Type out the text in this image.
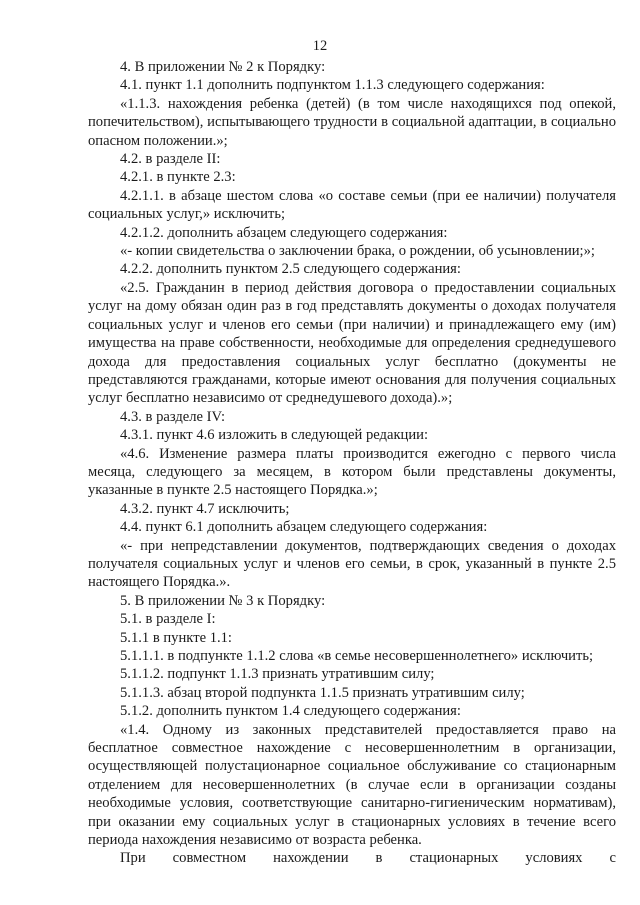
12

4. В приложении № 2 к Порядку:

4.1. пункт 1.1 дополнить подпунктом 1.1.3 следующего содержания:

«1.1.3. нахождения ребенка (детей) (в том числе находящихся под опекой, попечительством), испытывающего трудности в социальной адаптации, в социально опасном положении.»;

4.2. в разделе II:

4.2.1. в пункте 2.3:

4.2.1.1. в абзаце шестом слова «о составе семьи (при ее наличии) получателя социальных услуг,» исключить;

4.2.1.2. дополнить абзацем следующего содержания:

«- копии свидетельства о заключении брака, о рождении, об усыновлении;»;

4.2.2. дополнить пунктом 2.5 следующего содержания:

«2.5. Гражданин в период действия договора о предоставлении социальных услуг на дому обязан один раз в год представлять документы о доходах получателя социальных услуг и членов его семьи (при наличии) и принадлежащего ему (им) имущества на праве собственности, необходимые для определения среднедушевого дохода для предоставления социальных услуг бесплатно (документы не представляются гражданами, которые имеют основания для получения социальных услуг бесплатно независимо от среднедушевого дохода).»;

4.3. в разделе IV:

4.3.1. пункт 4.6 изложить в следующей редакции:

«4.6. Изменение размера платы производится ежегодно с первого числа месяца, следующего за месяцем, в котором были представлены документы, указанные в пункте 2.5 настоящего Порядка.»;

4.3.2. пункт 4.7 исключить;

4.4. пункт 6.1 дополнить абзацем следующего содержания:

«- при непредставлении документов, подтверждающих сведения о доходах получателя социальных услуг и членов его семьи, в срок, указанный в пункте 2.5 настоящего Порядка.».

5. В приложении № 3 к Порядку:

5.1. в разделе I:

5.1.1 в пункте 1.1:

5.1.1.1. в подпункте 1.1.2 слова «в семье несовершеннолетнего» исключить;

5.1.1.2. подпункт 1.1.3 признать утратившим силу;

5.1.1.3. абзац второй подпункта 1.1.5 признать утратившим силу;

5.1.2. дополнить пунктом 1.4 следующего содержания:

«1.4. Одному из законных представителей предоставляется право на бесплатное совместное нахождение с несовершеннолетним в организации, осуществляющей полустационарное социальное обслуживание со стационарным отделением для несовершеннолетних (в случае если в организации созданы необходимые условия, соответствующие санитарно-гигиеническим нормативам), при оказании ему социальных услуг в стационарных условиях в течение всего периода нахождения независимо от возраста ребенка.

При совместном нахождении в стационарных условиях с
